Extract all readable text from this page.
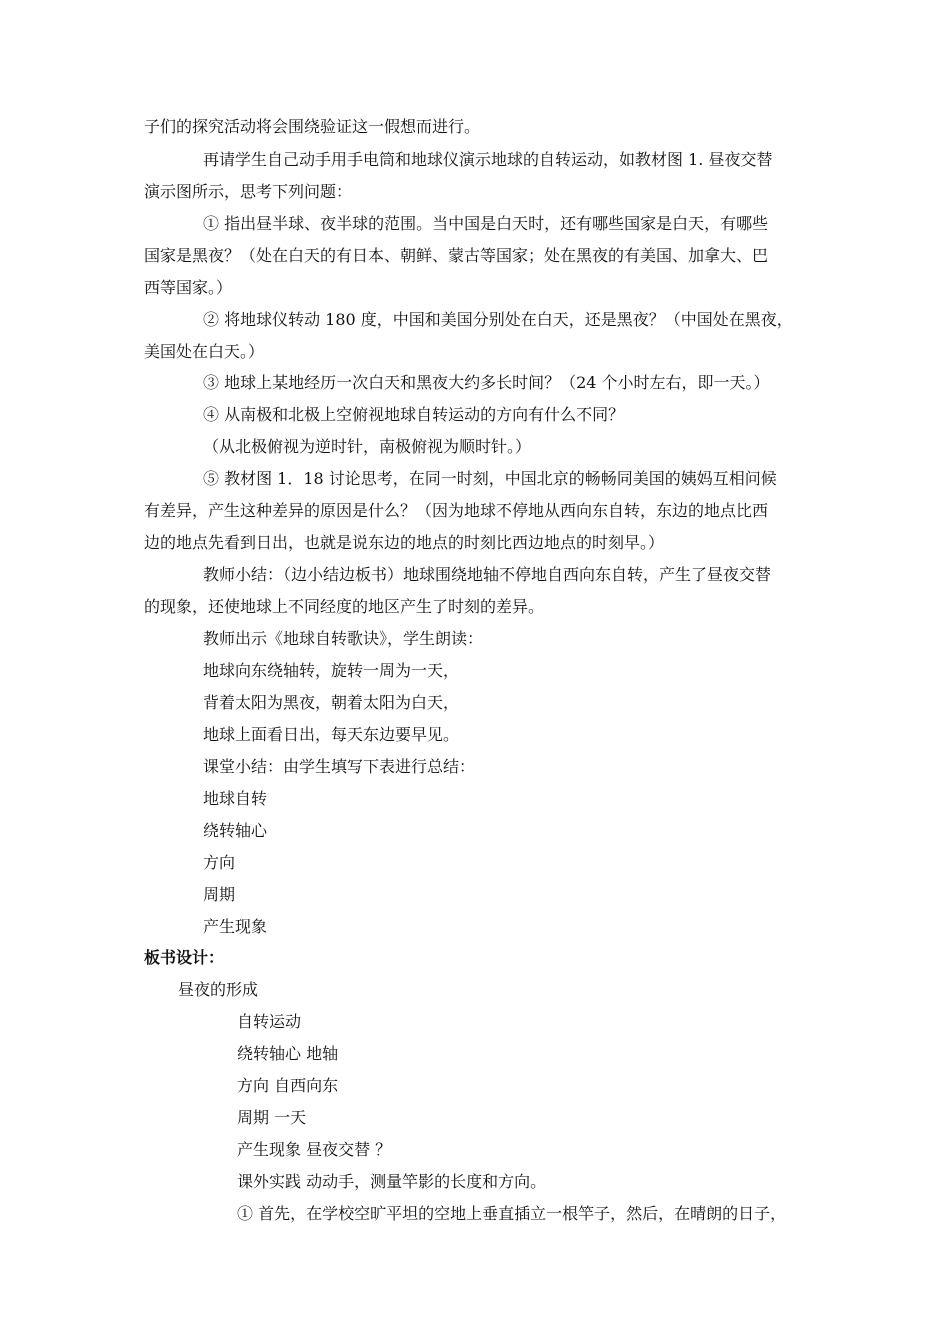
子们的探究活动将会围绕验证这一假想而进行。
再请学生自己动手用手电筒和地球仪演示地球的自转运动，如教材图 1. 昼夜交替
演示图所示，思考下列问题：
① 指出昼半球、夜半球的范围。当中国是白天时，还有哪些国家是白天，有哪些
国家是黑夜？（处在白天的有日本、朝鲜、蒙古等国家；处在黑夜的有美国、加拿大、巴
西等国家。）
② 将地球仪转动 180 度，中国和美国分别处在白天，还是黑夜？（中国处在黑夜，
美国处在白天。）
③ 地球上某地经历一次白天和黑夜大约多长时间？（24 个小时左右，即一天。）
④ 从南极和北极上空俯视地球自转运动的方向有什么不同？
（从北极俯视为逆时针，南极俯视为顺时针。）
⑤ 教材图 1．18 讨论思考，在同一时刻，中国北京的畅畅同美国的姨妈互相问候
有差异，产生这种差异的原因是什么？（因为地球不停地从西向东自转，东边的地点比西
边的地点先看到日出，也就是说东边的地点的时刻比西边地点的时刻早。）
教师小结：（边小结边板书）地球围绕地轴不停地自西向东自转，产生了昼夜交替
的现象，还使地球上不同经度的地区产生了时刻的差异。
教师出示《地球自转歌诀》，学生朗读：
地球向东绕轴转，旋转一周为一天，
背着太阳为黑夜，朝着太阳为白天，
地球上面看日出，每天东边要早见。
课堂小结：由学生填写下表进行总结：
地球自转
绕转轴心
方向
周期
产生现象
板书设计：
昼夜的形成
自转运动
绕转轴心 地轴
方向 自西向东
周期 一天
产生现象 昼夜交替 ？
课外实践 动动手，测量竿影的长度和方向。
① 首先，在学校空旷平坦的空地上垂直插立一根竿子，然后，在晴朗的日子，
